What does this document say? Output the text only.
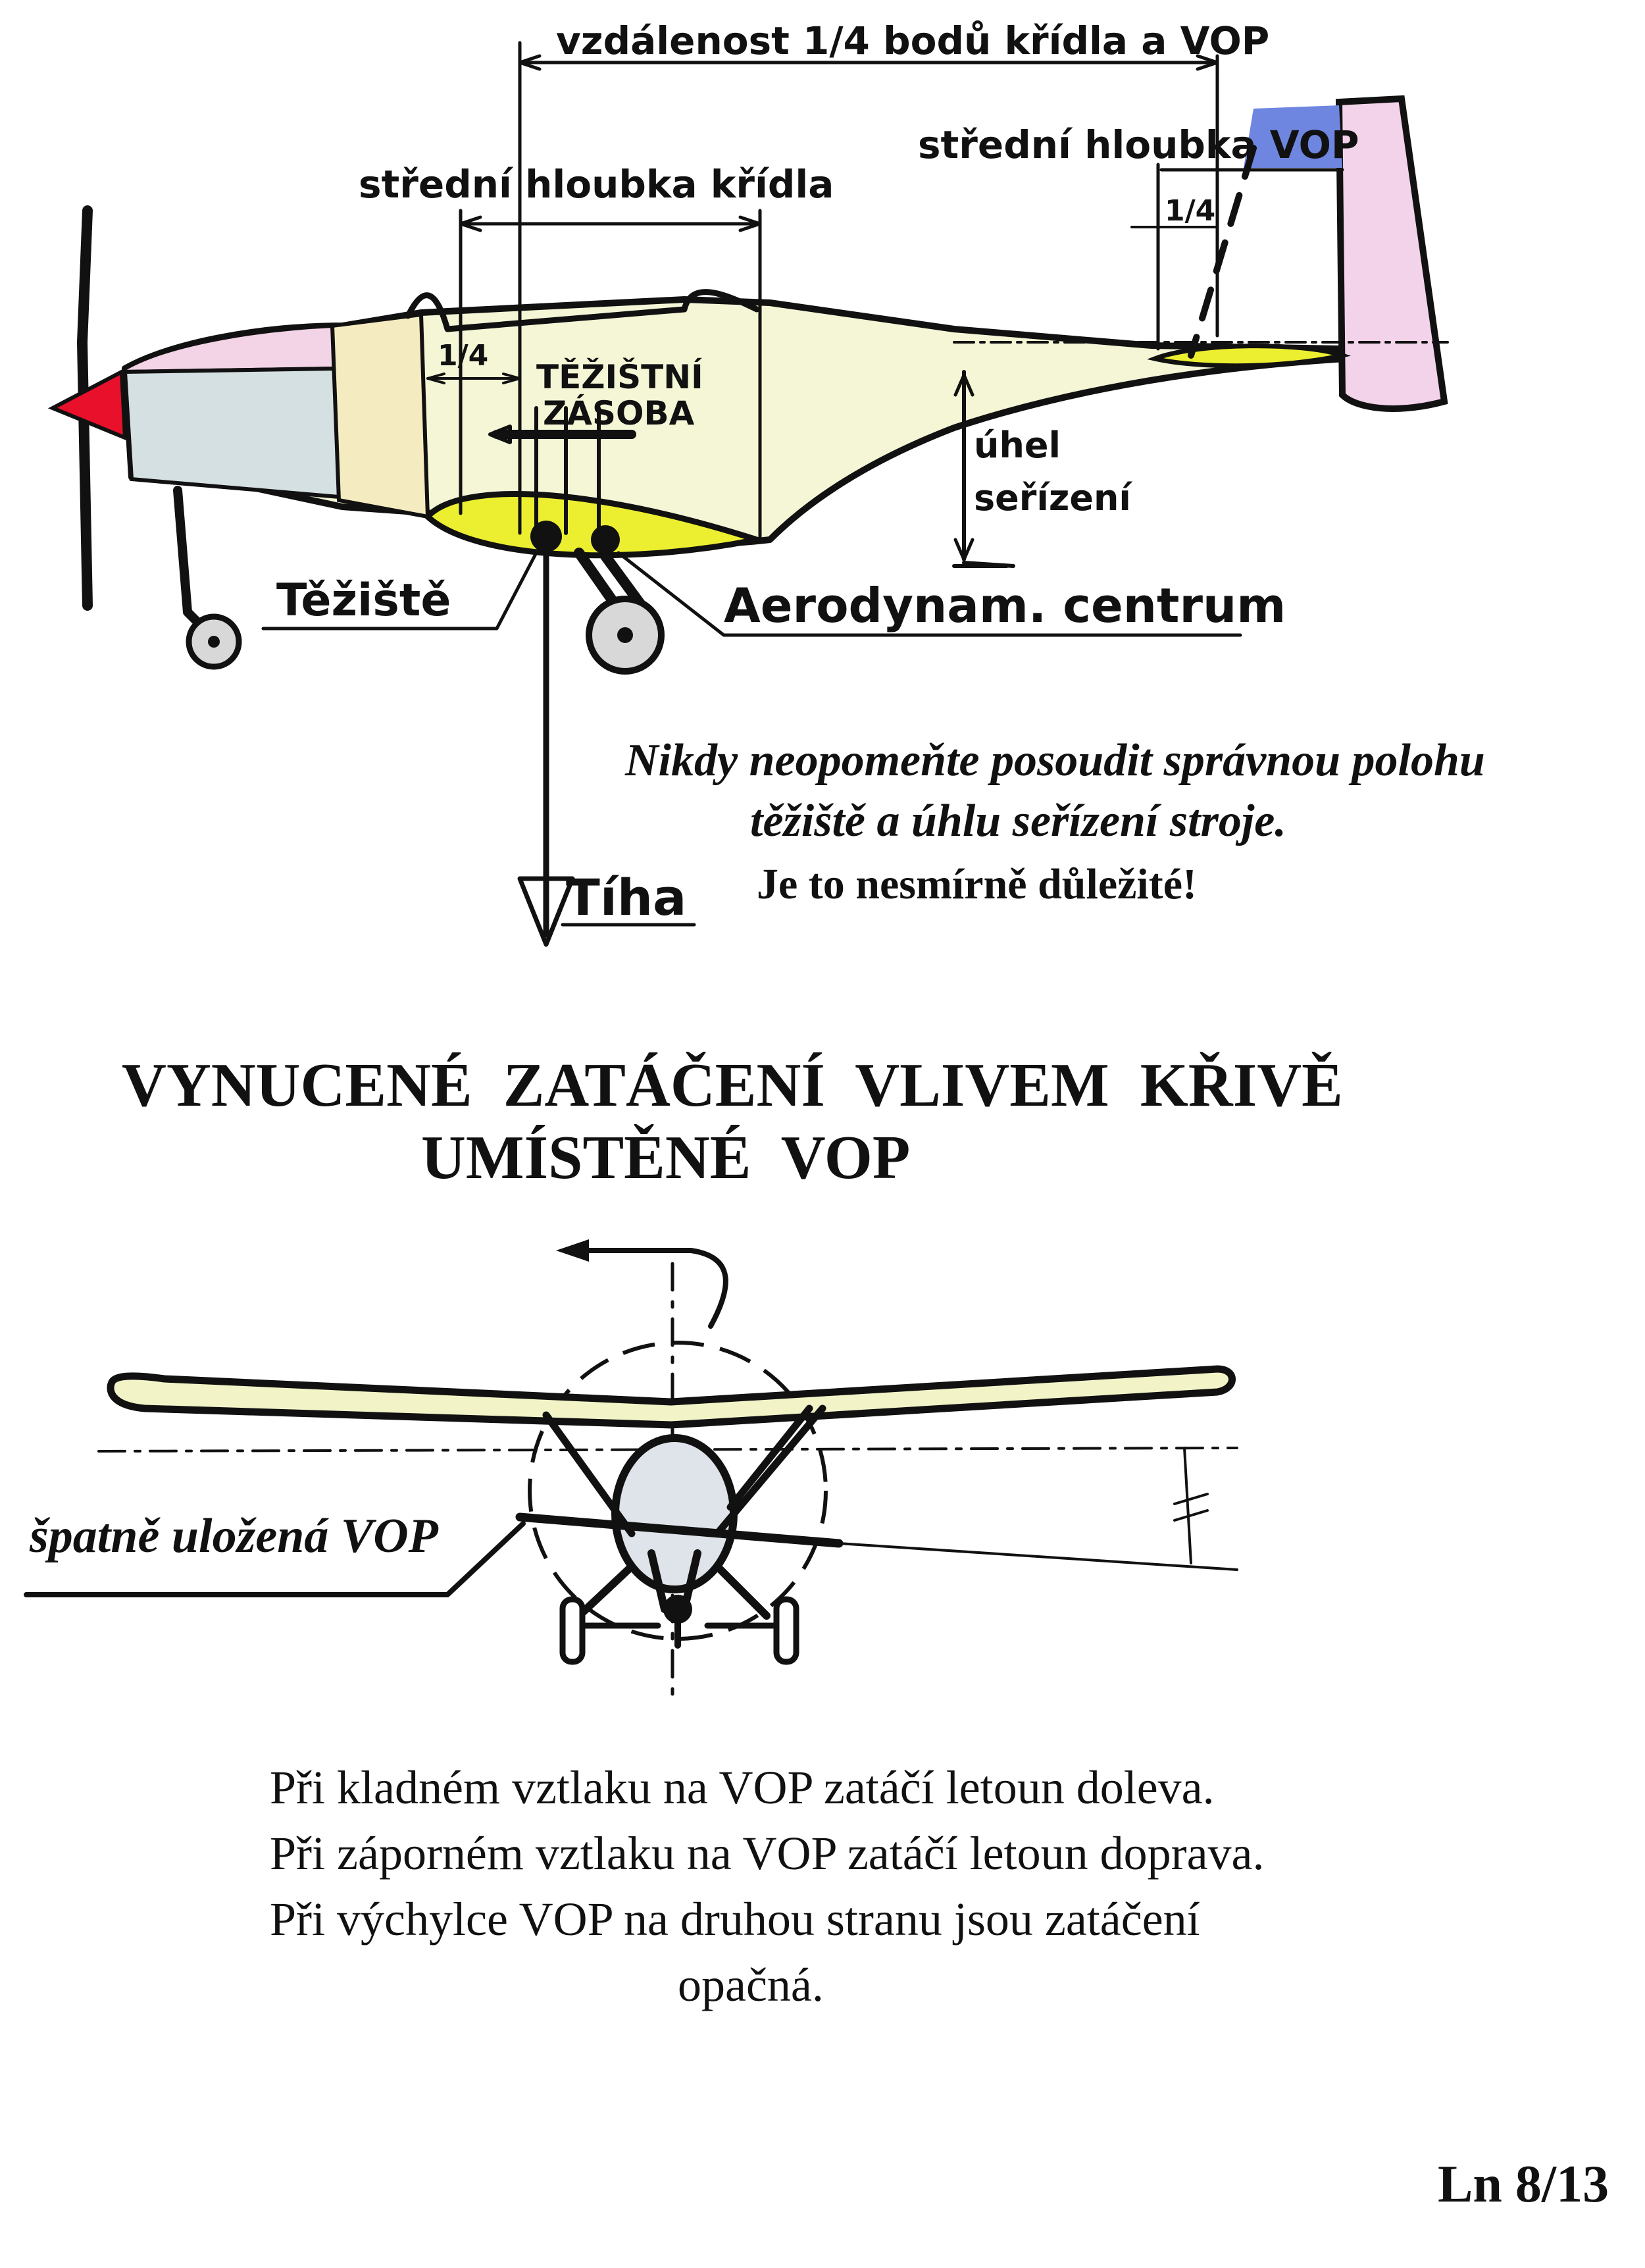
vzdálenost 1/4 bodů křídla a VOP
střední hloubka křídla
střední hloubka VOP
1/4
1/4
TĚŽIŠTNÍ
ZÁSOBA
úhel
seřízení
Těžiště	Aerodynam. centrum
Tíha
Nikdy neopomeňte posoudit správnou polohu
těžiště a úhlu seřízení stroje.
Je to nesmírně důležité!
VYNUCENÉ  ZATÁČENÍ  VLIVEM  KŘIVĚ
UMÍSTĚNÉ  VOP
špatně uložená VOP
Při kladném vztlaku na VOP zatáčí letoun doleva.
Při záporném vztlaku na VOP zatáčí letoun doprava.
Při výchylce VOP na druhou stranu jsou zatáčení
opačná.
Ln 8/13
